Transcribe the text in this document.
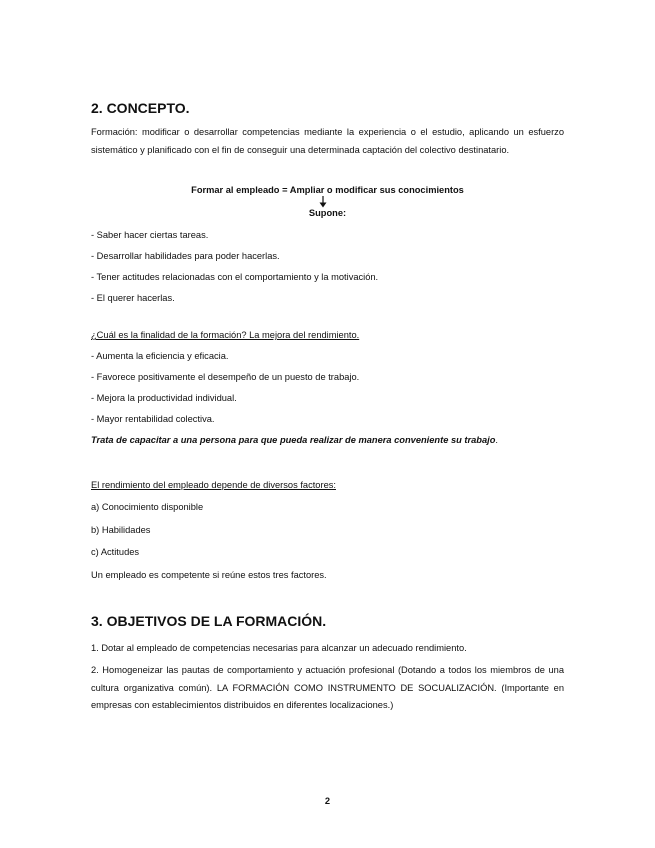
2. CONCEPTO.

Formación: modificar o desarrollar competencias mediante la experiencia o el estudio, aplicando un esfuerzo sistemático y planificado con el fin de conseguir una determinada captación del colectivo destinatario.

Formar al empleado = Ampliar o modificar sus conocimientos

Supone:

- Saber hacer ciertas tareas.

- Desarrollar habilidades para poder hacerlas.

- Tener actitudes relacionadas con el comportamiento y la motivación.

- El querer hacerlas.

¿Cuál es la finalidad de la formación? La mejora del rendimiento.

- Aumenta la eficiencia y eficacia.

- Favorece positivamente el desempeño de un puesto de trabajo.

- Mejora la productividad individual.

- Mayor rentabilidad colectiva.

Trata de capacitar a una persona para que pueda realizar de manera conveniente su trabajo.

El rendimiento del empleado depende de diversos factores:

a) Conocimiento disponible

b) Habilidades

c) Actitudes

Un empleado es competente si reúne estos tres factores.

3. OBJETIVOS DE LA FORMACIÓN.

1. Dotar al empleado de competencias necesarias para alcanzar un adecuado rendimiento.

2. Homogeneizar las pautas de comportamiento y actuación profesional (Dotando a todos los miembros de una cultura organizativa común). LA FORMACIÓN COMO INSTRUMENTO DE SOCUALIZACIÓN. (Importante en empresas con establecimientos distribuidos en diferentes localizaciones.)

2
